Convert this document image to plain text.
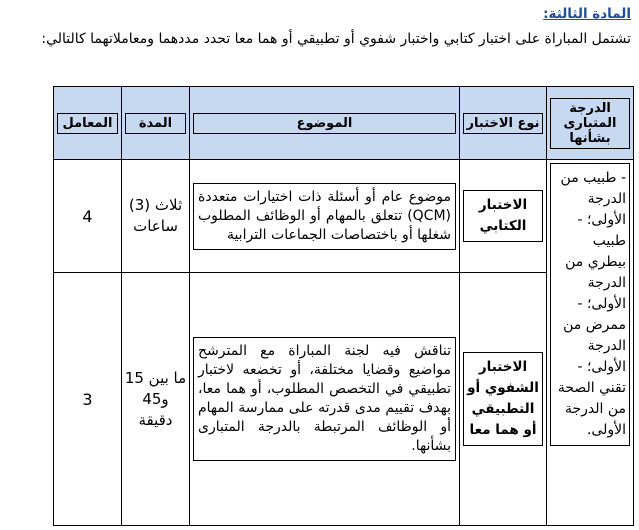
المادة الثالثة:
تشتمل المباراة على اختبار كتابي واختبار شفوي أو تطبيقي أو هما معا تحدد مددهما ومعاملاتهما كالتالي:
الدرجة المتبارى بشأنها	نوع الاختبار	الموضوع	المدة	المعامل

- طبيب من الدرجة الأولى؛ - طبيب بيطري من الدرجة الأولى؛ - ممرض من الدرجة الأولى؛ - تقني الصحة من الدرجة الأولى.	الاختبار الكتابي	موضوع عام أو أسئلة ذات اختيارات متعددة (QCM) تتعلق بالمهام أو الوظائف المطلوب شغلها أو باختصاصات الجماعات الترابية	ثلاث (3) ساعات	4

	الاختبار الشفوي أو التطبيقي أو هما معا	تناقش فيه لجنة المباراة مع المترشح مواضيع وقضايا مختلفة، أو تخضعه لاختبار تطبيقي في التخصص المطلوب، أو هما معا، بهدف تقييم مدى قدرته على ممارسة المهام أو الوظائف المرتبطة بالدرجة المتبارى بشأنها.	ما بين 15 و45 دقيقة	3
